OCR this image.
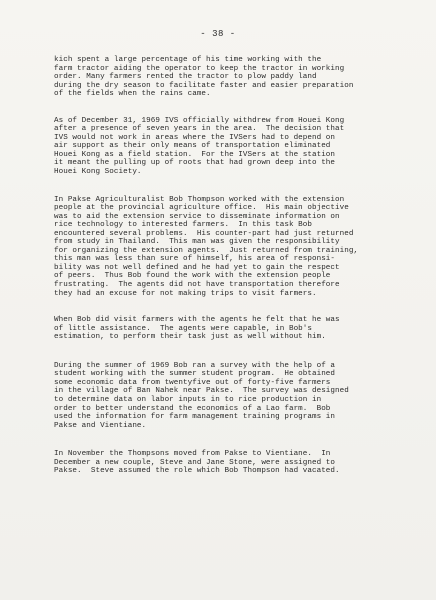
- 38 -
kich spent a large percentage of his time working with the
farm tractor aiding the operator to keep the tractor in working
order. Many farmers rented the tractor to plow paddy land
during the dry season to facilitate faster and easier preparation
of the fields when the rains came.
As of December 31, 1969 IVS officially withdrew from Houei Kong
after a presence of seven years in the area.  The decision that
IVS would not work in areas where the IVSers had to depend on
air support as their only means of transportation eliminated
Houei Kong as a field station.  For the IVSers at the station
it meant the pulling up of roots that had grown deep into the
Houei Kong Society.
In Pakse Agriculturalist Bob Thompson worked with the extension
people at the provincial agriculture office.  His main objective
was to aid the extension service to disseminate information on
rice technology to interested farmers.  In this task Bob
encountered several problems.  His counter-part had just returned
from study in Thailand.  This man was given the responsibility
for organizing the extension agents.  Just returned from training,
this man was less than sure of himself, his area of responsi-
bility was not well defined and he had yet to gain the respect
of peers.  Thus Bob found the work with the extension people
frustrating.  The agents did not have transportation therefore
they had an excuse for not making trips to visit farmers.
When Bob did visit farmers with the agents he felt that he was
of little assistance.  The agents were capable, in Bob's
estimation, to perform their task just as well without him.
During the summer of 1969 Bob ran a survey with the help of a
student working with the summer student program.  He obtained
some economic data from twentyfive out of forty-five farmers
in the village of Ban Nahek near Pakse.  The survey was designed
to determine data on labor inputs in to rice production in
order to better understand the economics of a Lao farm.  Bob
used the information for farm management training programs in
Pakse and Vientiane.
In November the Thompsons moved from Pakse to Vientiane.  In
December a new couple, Steve and Jane Stone, were assigned to
Pakse.  Steve assumed the role which Bob Thompson had vacated.
